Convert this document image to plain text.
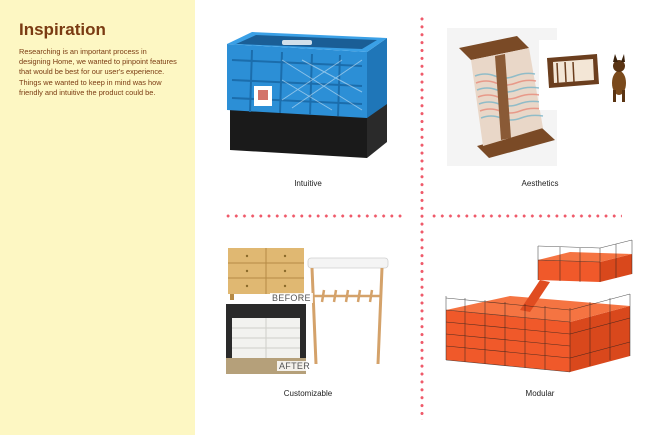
Inspiration
Researching is an important process in designing Home, we wanted to pinpoint features that would be best for our user's experience. Things we wanted to keep in mind was how friendly and intuitive the product could be.
Intuitive	Aesthetics
BEFORE
AFTER
Customizable	Modular
